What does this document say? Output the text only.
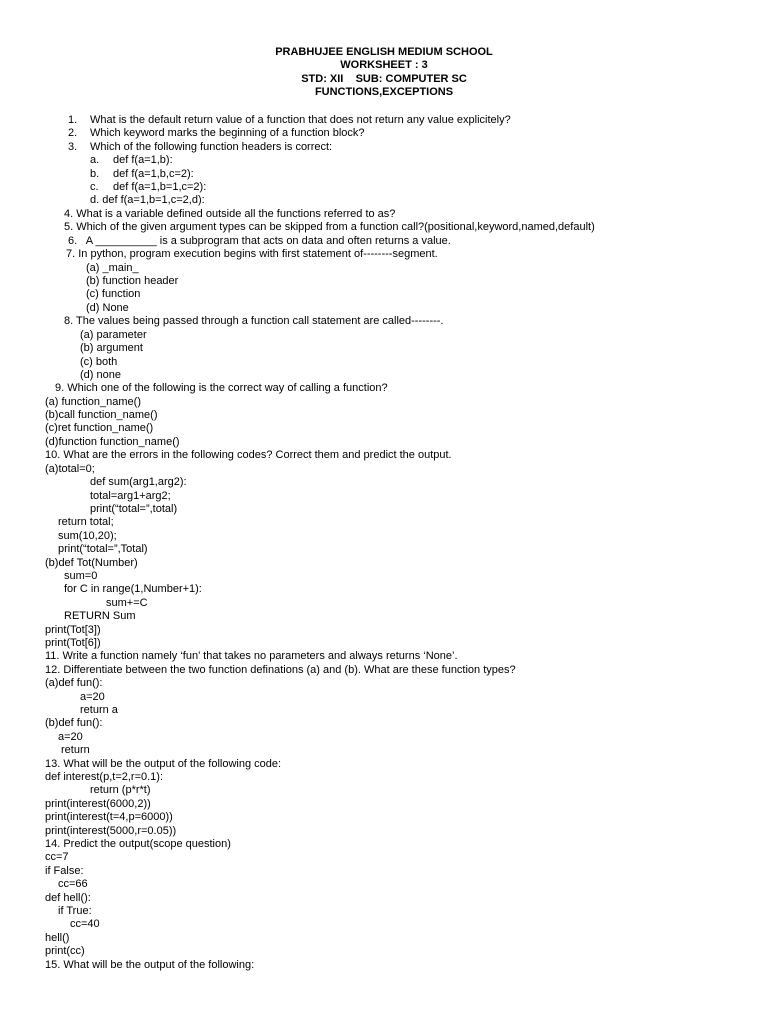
PRABHUJEE ENGLISH MEDIUM SCHOOL
WORKSHEET : 3
STD: XII    SUB: COMPUTER SC
FUNCTIONS,EXCEPTIONS
1. What is the default return value of a function that does not return any value explicitely?
2. Which keyword marks the beginning of a function block?
3. Which of the following function headers is correct:
a. def f(a=1,b):
b. def f(a=1,b,c=2):
c. def f(a=1,b=1,c=2):
d. def f(a=1,b=1,c=2,d):
4. What is a variable defined outside all the functions referred to as?
5. Which of the given argument types can be skipped from a function call?(positional,keyword,named,default)
6.   A __________ is a subprogram that acts on data and often returns a value.
7. In python, program execution begins with first statement of--------segment.
(a) _main_
(b) function header
(c) function
(d) None
8. The values being passed through a function call statement are called--------.
(a) parameter
(b) argument
(c) both
(d) none
9. Which one of the following is the correct way of calling a function?
(a) function_name()
(b)call function_name()
(c)ret function_name()
(d)function function_name()
10. What are the errors in the following codes? Correct them and predict the output.
(a)total=0;
def sum(arg1,arg2):
total=arg1+arg2;
print(“total=”,total)
return total;
sum(10,20);
print(“total=”,Total)
(b)def Tot(Number)
sum=0
for C in range(1,Number+1):
sum+=C
RETURN Sum
print(Tot[3])
print(Tot[6])
11. Write a function namely ‘fun’ that takes no parameters and always returns ‘None’.
12. Differentiate between the two function definations (a) and (b). What are these function types?
(a)def fun():
a=20
return a
(b)def fun():
a=20
return
13. What will be the output of the following code:
def interest(p,t=2,r=0.1):
return (p*r*t)
print(interest(6000,2))
print(interest(t=4,p=6000))
print(interest(5000,r=0.05))
14. Predict the output(scope question)
cc=7
if False:
cc=66
def hell():
if True:
cc=40
hell()
print(cc)
15. What will be the output of the following:
